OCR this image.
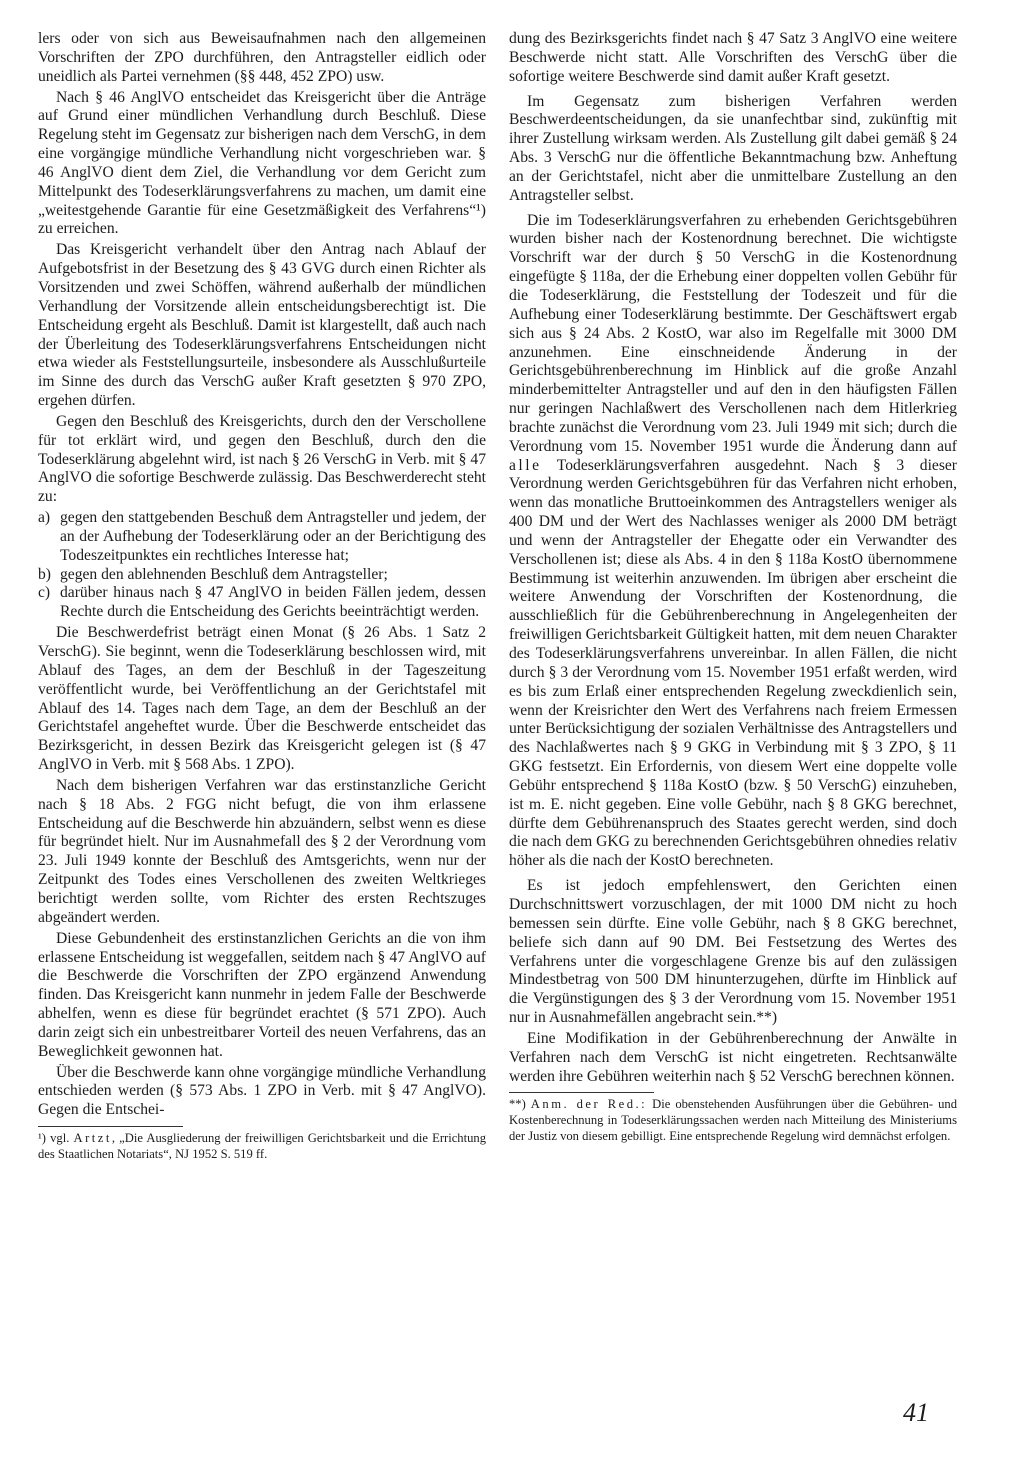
lers oder von sich aus Beweisaufnahmen nach den allgemeinen Vorschriften der ZPO durchführen, den Antragsteller eidlich oder uneidlich als Partei vernehmen (§§ 448, 452 ZPO) usw.

Nach § 46 AnglVO entscheidet das Kreisgericht über die Anträge auf Grund einer mündlichen Verhandlung durch Beschluß. Diese Regelung steht im Gegensatz zur bisherigen nach dem VerschG, in dem eine vorgängige mündliche Verhandlung nicht vorgeschrieben war. § 46 AnglVO dient dem Ziel, die Verhandlung vor dem Gericht zum Mittelpunkt des Todeserklärungsverfahrens zu machen, um damit eine „weitestgehende Garantie für eine Gesetzmäßigkeit des Verfahrens“¹) zu erreichen.

Das Kreisgericht verhandelt über den Antrag nach Ablauf der Aufgebotsfrist in der Besetzung des § 43 GVG durch einen Richter als Vorsitzenden und zwei Schöffen, während außerhalb der mündlichen Verhandlung der Vorsitzende allein entscheidungsberechtigt ist. Die Entscheidung ergeht als Beschluß. Damit ist klargestellt, daß auch nach der Überleitung des Todeserklärungsverfahrens Entscheidungen nicht etwa wieder als Feststellungsurteile, insbesondere als Ausschlußurteile im Sinne des durch das VerschG außer Kraft gesetzten § 970 ZPO, ergehen dürfen.

Gegen den Beschluß des Kreisgerichts, durch den der Verschollene für tot erklärt wird, und gegen den Beschluß, durch den die Todeserklärung abgelehnt wird, ist nach § 26 VerschG in Verb. mit § 47 AnglVO die sofortige Beschwerde zulässig. Das Beschwerderecht steht zu:

a) gegen den stattgebenden Beschuß dem Antragsteller und jedem, der an der Aufhebung der Todeserklärung oder an der Berichtigung des Todeszeitpunktes ein rechtliches Interesse hat;
b) gegen den ablehnenden Beschluß dem Antragsteller;
c) darüber hinaus nach § 47 AnglVO in beiden Fällen jedem, dessen Rechte durch die Entscheidung des Gerichts beeinträchtigt werden.

Die Beschwerdefrist beträgt einen Monat (§ 26 Abs. 1 Satz 2 VerschG). Sie beginnt, wenn die Todeserklärung beschlossen wird, mit Ablauf des Tages, an dem der Beschluß in der Tageszeitung veröffentlicht wurde, bei Veröffentlichung an der Gerichtstafel mit Ablauf des 14. Tages nach dem Tage, an dem der Beschluß an der Gerichtstafel angeheftet wurde. Über die Beschwerde entscheidet das Bezirksgericht, in dessen Bezirk das Kreisgericht gelegen ist (§ 47 AnglVO in Verb. mit § 568 Abs. 1 ZPO).

Nach dem bisherigen Verfahren war das erstinstanzliche Gericht nach § 18 Abs. 2 FGG nicht befugt, die von ihm erlassene Entscheidung auf die Beschwerde hin abzuändern, selbst wenn es diese für begründet hielt. Nur im Ausnahmefall des § 2 der Verordnung vom 23. Juli 1949 konnte der Beschluß des Amtsgerichts, wenn nur der Zeitpunkt des Todes eines Verschollenen des zweiten Weltkrieges berichtigt werden sollte, vom Richter des ersten Rechtszuges abgeändert werden.

Diese Gebundenheit des erstinstanzlichen Gerichts an die von ihm erlassene Entscheidung ist weggefallen, seitdem nach § 47 AnglVO auf die Beschwerde die Vorschriften der ZPO ergänzend Anwendung finden. Das Kreisgericht kann nunmehr in jedem Falle der Beschwerde abhelfen, wenn es diese für begründet erachtet (§ 571 ZPO). Auch darin zeigt sich ein unbestreitbarer Vorteil des neuen Verfahrens, das an Beweglichkeit gewonnen hat.

Über die Beschwerde kann ohne vorgängige mündliche Verhandlung entschieden werden (§ 573 Abs. 1 ZPO in Verb. mit § 47 AnglVO). Gegen die Entschei-

¹) vgl. Artzt, „Die Ausgliederung der freiwilligen Gerichtsbarkeit und die Errichtung des Staatlichen Notariats“, NJ 1952 S. 519 ff.

dung des Bezirksgerichts findet nach § 47 Satz 3 AnglVO eine weitere Beschwerde nicht statt. Alle Vorschriften des VerschG über die sofortige weitere Beschwerde sind damit außer Kraft gesetzt.

Im Gegensatz zum bisherigen Verfahren werden Beschwerdeentscheidungen, da sie unanfechtbar sind, zukünftig mit ihrer Zustellung wirksam werden. Als Zustellung gilt dabei gemäß § 24 Abs. 3 VerschG nur die öffentliche Bekanntmachung bzw. Anheftung an der Gerichtstafel, nicht aber die unmittelbare Zustellung an den Antragsteller selbst.

Die im Todeserklärungsverfahren zu erhebenden Gerichtsgebühren wurden bisher nach der Kostenordnung berechnet. Die wichtigste Vorschrift war der durch § 50 VerschG in die Kostenordnung eingefügte § 118a, der die Erhebung einer doppelten vollen Gebühr für die Todeserklärung, die Feststellung der Todeszeit und für die Aufhebung einer Todeserklärung bestimmte. Der Geschäftswert ergab sich aus § 24 Abs. 2 KostO, war also im Regelfalle mit 3000 DM anzunehmen. Eine einschneidende Änderung in der Gerichtsgebührenberechnung im Hinblick auf die große Anzahl minderbemittelter Antragsteller und auf den in den häufigsten Fällen nur geringen Nachlaßwert des Verschollenen nach dem Hitlerkrieg brachte zunächst die Verordnung vom 23. Juli 1949 mit sich; durch die Verordnung vom 15. November 1951 wurde die Änderung dann auf alle Todeserklärungsverfahren ausgedehnt. Nach § 3 dieser Verordnung werden Gerichtsgebühren für das Verfahren nicht erhoben, wenn das monatliche Bruttoeinkommen des Antragstellers weniger als 400 DM und der Wert des Nachlasses weniger als 2000 DM beträgt und wenn der Antragsteller der Ehegatte oder ein Verwandter des Verschollenen ist; diese als Abs. 4 in den § 118a KostO übernommene Bestimmung ist weiterhin anzuwenden. Im übrigen aber erscheint die weitere Anwendung der Vorschriften der Kostenordnung, die ausschließlich für die Gebührenberechnung in Angelegenheiten der freiwilligen Gerichtsbarkeit Gültigkeit hatten, mit dem neuen Charakter des Todeserklärungsverfahrens unvereinbar. In allen Fällen, die nicht durch § 3 der Verordnung vom 15. November 1951 erfaßt werden, wird es bis zum Erlaß einer entsprechenden Regelung zweckdienlich sein, wenn der Kreisrichter den Wert des Verfahrens nach freiem Ermessen unter Berücksichtigung der sozialen Verhältnisse des Antragstellers und des Nachlaßwertes nach § 9 GKG in Verbindung mit § 3 ZPO, § 11 GKG festsetzt. Ein Erfordernis, von diesem Wert eine doppelte volle Gebühr entsprechend § 118a KostO (bzw. § 50 VerschG) einzuheben, ist m. E. nicht gegeben. Eine volle Gebühr, nach § 8 GKG berechnet, dürfte dem Gebührenanspruch des Staates gerecht werden, sind doch die nach dem GKG zu berechnenden Gerichtsgebühren ohnedies relativ höher als die nach der KostO berechneten.

Es ist jedoch empfehlenswert, den Gerichten einen Durchschnittswert vorzuschlagen, der mit 1000 DM nicht zu hoch bemessen sein dürfte. Eine volle Gebühr, nach § 8 GKG berechnet, beliefe sich dann auf 90 DM. Bei Festsetzung des Wertes des Verfahrens unter die vorgeschlagene Grenze bis auf den zulässigen Mindestbetrag von 500 DM hinunterzugehen, dürfte im Hinblick auf die Vergünstigungen des § 3 der Verordnung vom 15. November 1951 nur in Ausnahmefällen angebracht sein.**)

Eine Modifikation in der Gebührenberechnung der Anwälte in Verfahren nach dem VerschG ist nicht eingetreten. Rechtsanwälte werden ihre Gebühren weiterhin nach § 52 VerschG berechnen können.

**) Anm. der Red.: Die obenstehenden Ausführungen über die Gebühren- und Kostenberechnung in Todeserklärungssachen werden nach Mitteilung des Ministeriums der Justiz von diesem gebilligt. Eine entsprechende Regelung wird demnächst erfolgen.

41
